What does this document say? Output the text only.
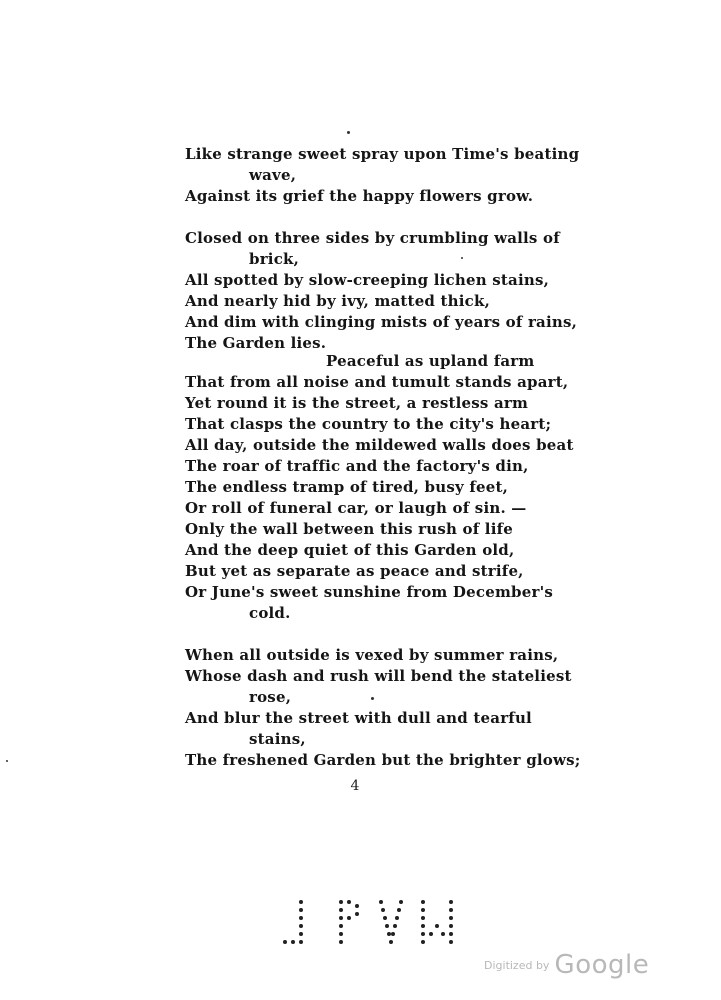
Like strange sweet spray upon Time's beating
wave,
Against its grief the happy flowers grow.
Closed on three sides by crumbling walls of
brick,
All spotted by slow-creeping lichen stains,
And nearly hid by ivy, matted thick,
And dim with clinging mists of years of rains,
The Garden lies.
Peaceful as upland farm
That from all noise and tumult stands apart,
Yet round it is the street, a restless arm
That clasps the country to the city's heart;
All day, outside the mildewed walls does beat
The roar of traffic and the factory's din,
The endless tramp of tired, busy feet,
Or roll of funeral car, or laugh of sin. —
Only the wall between this rush of life
And the deep quiet of this Garden old,
But yet as separate as peace and strife,
Or June's sweet sunshine from December's
cold.
When all outside is vexed by summer rains,
Whose dash and rush will bend the stateliest
rose,
And blur the street with dull and tearful
stains,
The freshened Garden but the brighter glows;
4
$^{Digitized by}$ Google
